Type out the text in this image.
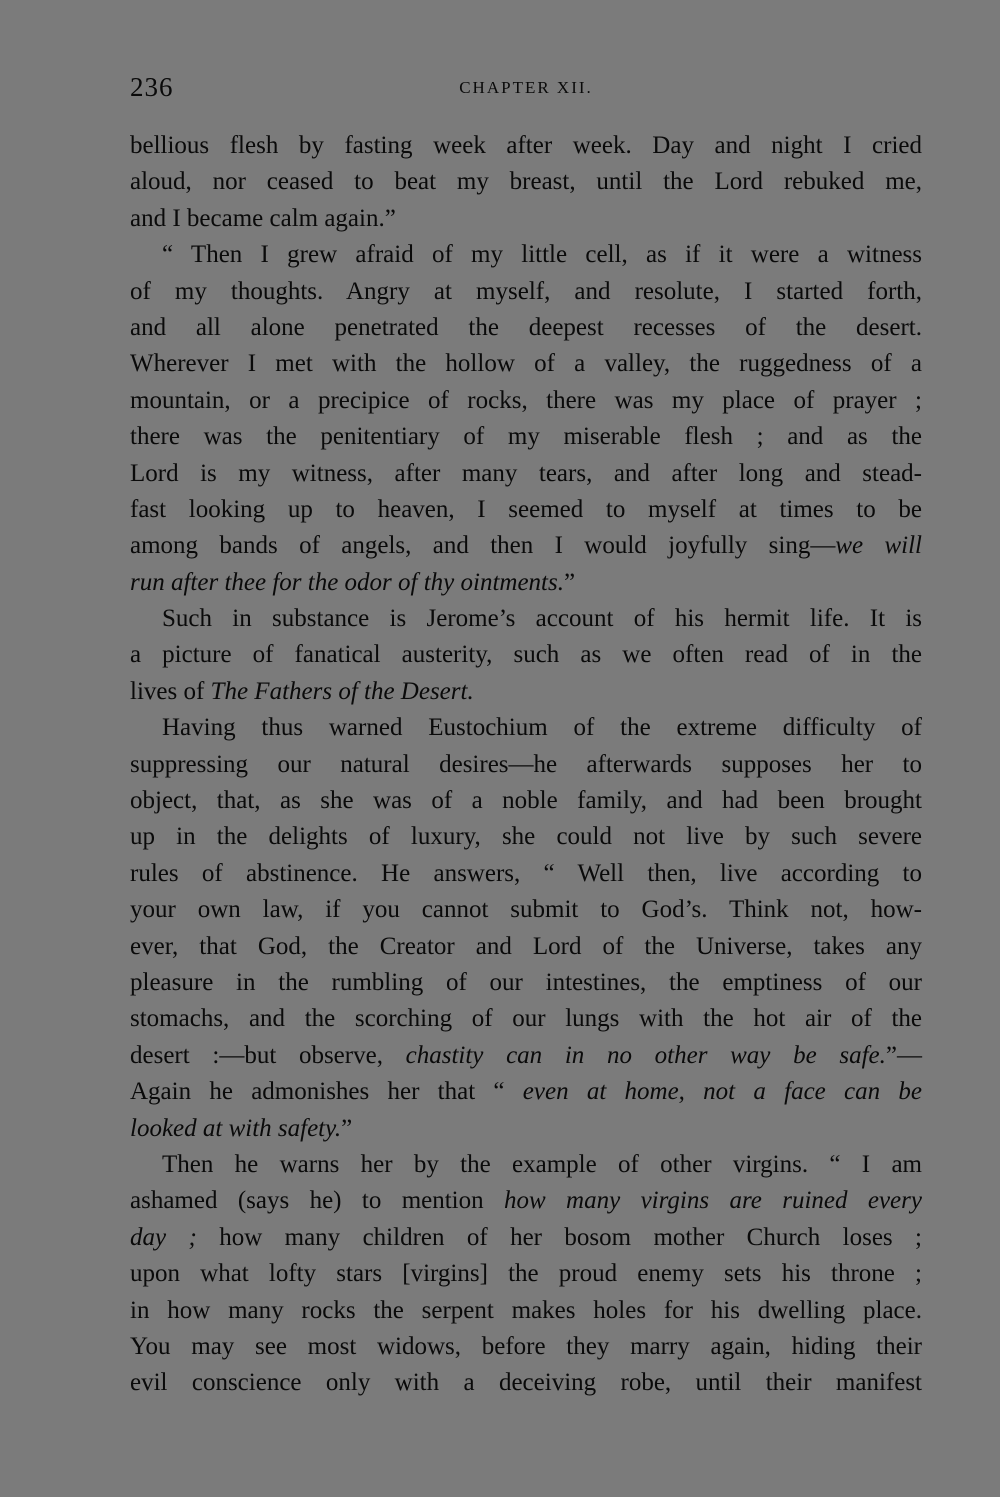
236	CHAPTER XII.
bellious flesh by fasting week after week. Day and night I cried
aloud, nor ceased to beat my breast, until the Lord rebuked me,
and I became calm again.”
“ Then I grew afraid of my little cell, as if it were a witness
of my thoughts. Angry at myself, and resolute, I started forth,
and all alone penetrated the deepest recesses of the desert.
Wherever I met with the hollow of a valley, the ruggedness of a
mountain, or a precipice of rocks, there was my place of prayer ;
there was the penitentiary of my miserable flesh ; and as the
Lord is my witness, after many tears, and after long and stead-
fast looking up to heaven, I seemed to myself at times to be
among bands of angels, and then I would joyfully sing—we will
run after thee for the odor of thy ointments.”
Such in substance is Jerome’s account of his hermit life. It is
a picture of fanatical austerity, such as we often read of in the
lives of The Fathers of the Desert.
Having thus warned Eustochium of the extreme difficulty of
suppressing our natural desires—he afterwards supposes her to
object, that, as she was of a noble family, and had been brought
up in the delights of luxury, she could not live by such severe
rules of abstinence. He answers, “ Well then, live according to
your own law, if you cannot submit to God’s. Think not, how-
ever, that God, the Creator and Lord of the Universe, takes any
pleasure in the rumbling of our intestines, the emptiness of our
stomachs, and the scorching of our lungs with the hot air of the
desert :—but observe, chastity can in no other way be safe.”—
Again he admonishes her that “ even at home, not a face can be
looked at with safety.”
Then he warns her by the example of other virgins. “ I am
ashamed (says he) to mention how many virgins are ruined every
day ; how many children of her bosom mother Church loses ;
upon what lofty stars [virgins] the proud enemy sets his throne ;
in how many rocks the serpent makes holes for his dwelling place.
You may see most widows, before they marry again, hiding their
evil conscience only with a deceiving robe, until their manifest
